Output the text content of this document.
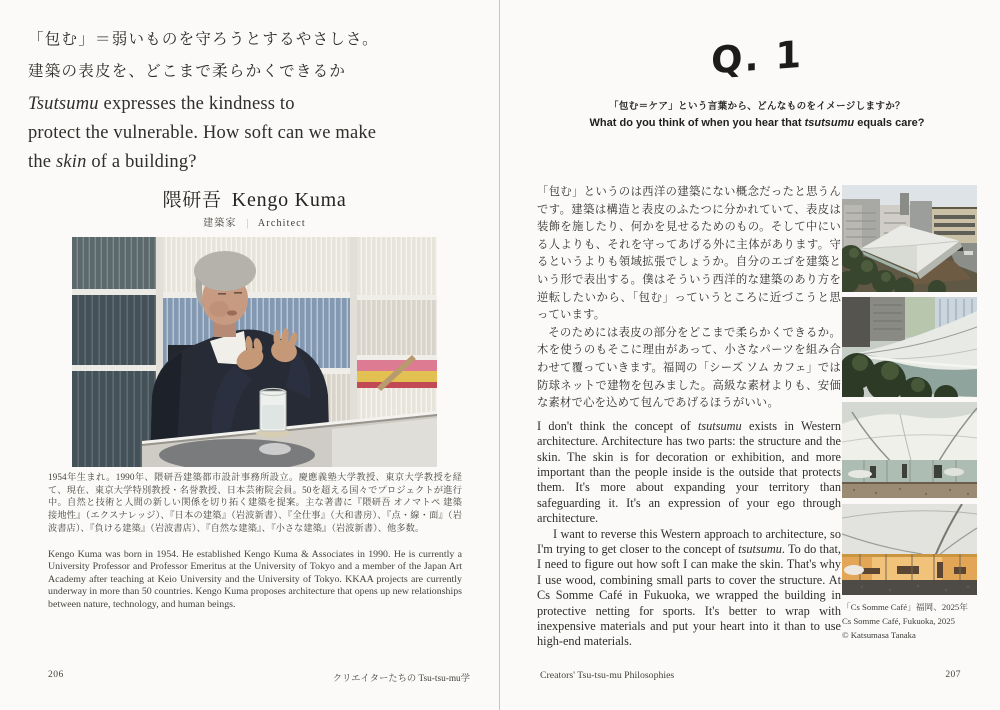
「包む」＝弱いものを守ろうとするやさしさ。
建築の表皮を、どこまで柔らかくできるか
Tsutsumu expresses the kindness to
protect the vulnerable. How soft can we make
the skin of a building?
隈研吾 Kengo Kuma
建築家 | Architect

1954年生まれ。1990年、隈研吾建築都市設計事務所設立。慶應義塾大学教授、東京大学教授を経て、現在、東京大学特別教授・名誉教授、日本芸術院会員。50を超える国々でプロジェクトが進行中。自然と技術と人間の新しい関係を切り拓く建築を提案。主な著書に『隈研吾 オノマトペ 建築 接地性』（エクスナレッジ）、『日本の建築』（岩波新書）、『全仕事』（大和書房）、『点・線・面』（岩波書店）、『負ける建築』（岩波書店）、『自然な建築』、『小さな建築』（岩波新書）、他多数。

Kengo Kuma was born in 1954. He established Kengo Kuma & Associates in 1990. He is currently a University Professor and Professor Emeritus at the University of Tokyo and a member of the Japan Art Academy after teaching at Keio University and the University of Tokyo. KKAA projects are currently underway in more than 50 countries. Kengo Kuma proposes architecture that opens up new relationships between nature, technology, and human beings.

206	クリエイターたちの Tsu-tsu-mu学
Q. 1
「包む＝ケア」という言葉から、どんなものをイメージしますか？
What do you think of when you hear that tsutsumu equals care?

「包む」というのは西洋の建築にない概念だったと思うんです。建築は構造と表皮のふたつに分かれていて、表皮は装飾を施したり、何かを見せるためのもの。そして中にいる人よりも、それを守ってあげる外に主体があります。守るというよりも領域拡張でしょうか。自分のエゴを建築という形で表出する。僕はそういう西洋的な建築のあり方を逆転したいから、「包む」っていうところに近づこうと思っています。

そのためには表皮の部分をどこまで柔らかくできるか。木を使うのもそこに理由があって、小さなパーツを組み合わせて覆っていきます。福岡の「シーズ ソム カフェ」では防球ネットで建物を包みました。高級な素材よりも、安価な素材で心を込めて包んであげるほうがいい。

I don't think the concept of tsutsumu exists in Western architecture. Architecture has two parts: the structure and the skin. The skin is for decoration or exhibition, and more important than the people inside is the outside that protects them. It's more about expanding your territory than safeguarding it. It's an expression of your ego through architecture.

I want to reverse this Western approach to architecture, so I'm trying to get closer to the concept of tsutsumu. To do that, I need to figure out how soft I can make the skin. That's why I use wood, combining small parts to cover the structure. At Cs Somme Café in Fukuoka, we wrapped the building in protective netting for sports. It's better to wrap with inexpensive materials and put your heart into it than to use high-end materials.

「Cs Somme Café」福岡、2025年
Cs Somme Café, Fukuoka, 2025
© Katsumasa Tanaka
Creators' Tsu-tsu-mu Philosophies	207
